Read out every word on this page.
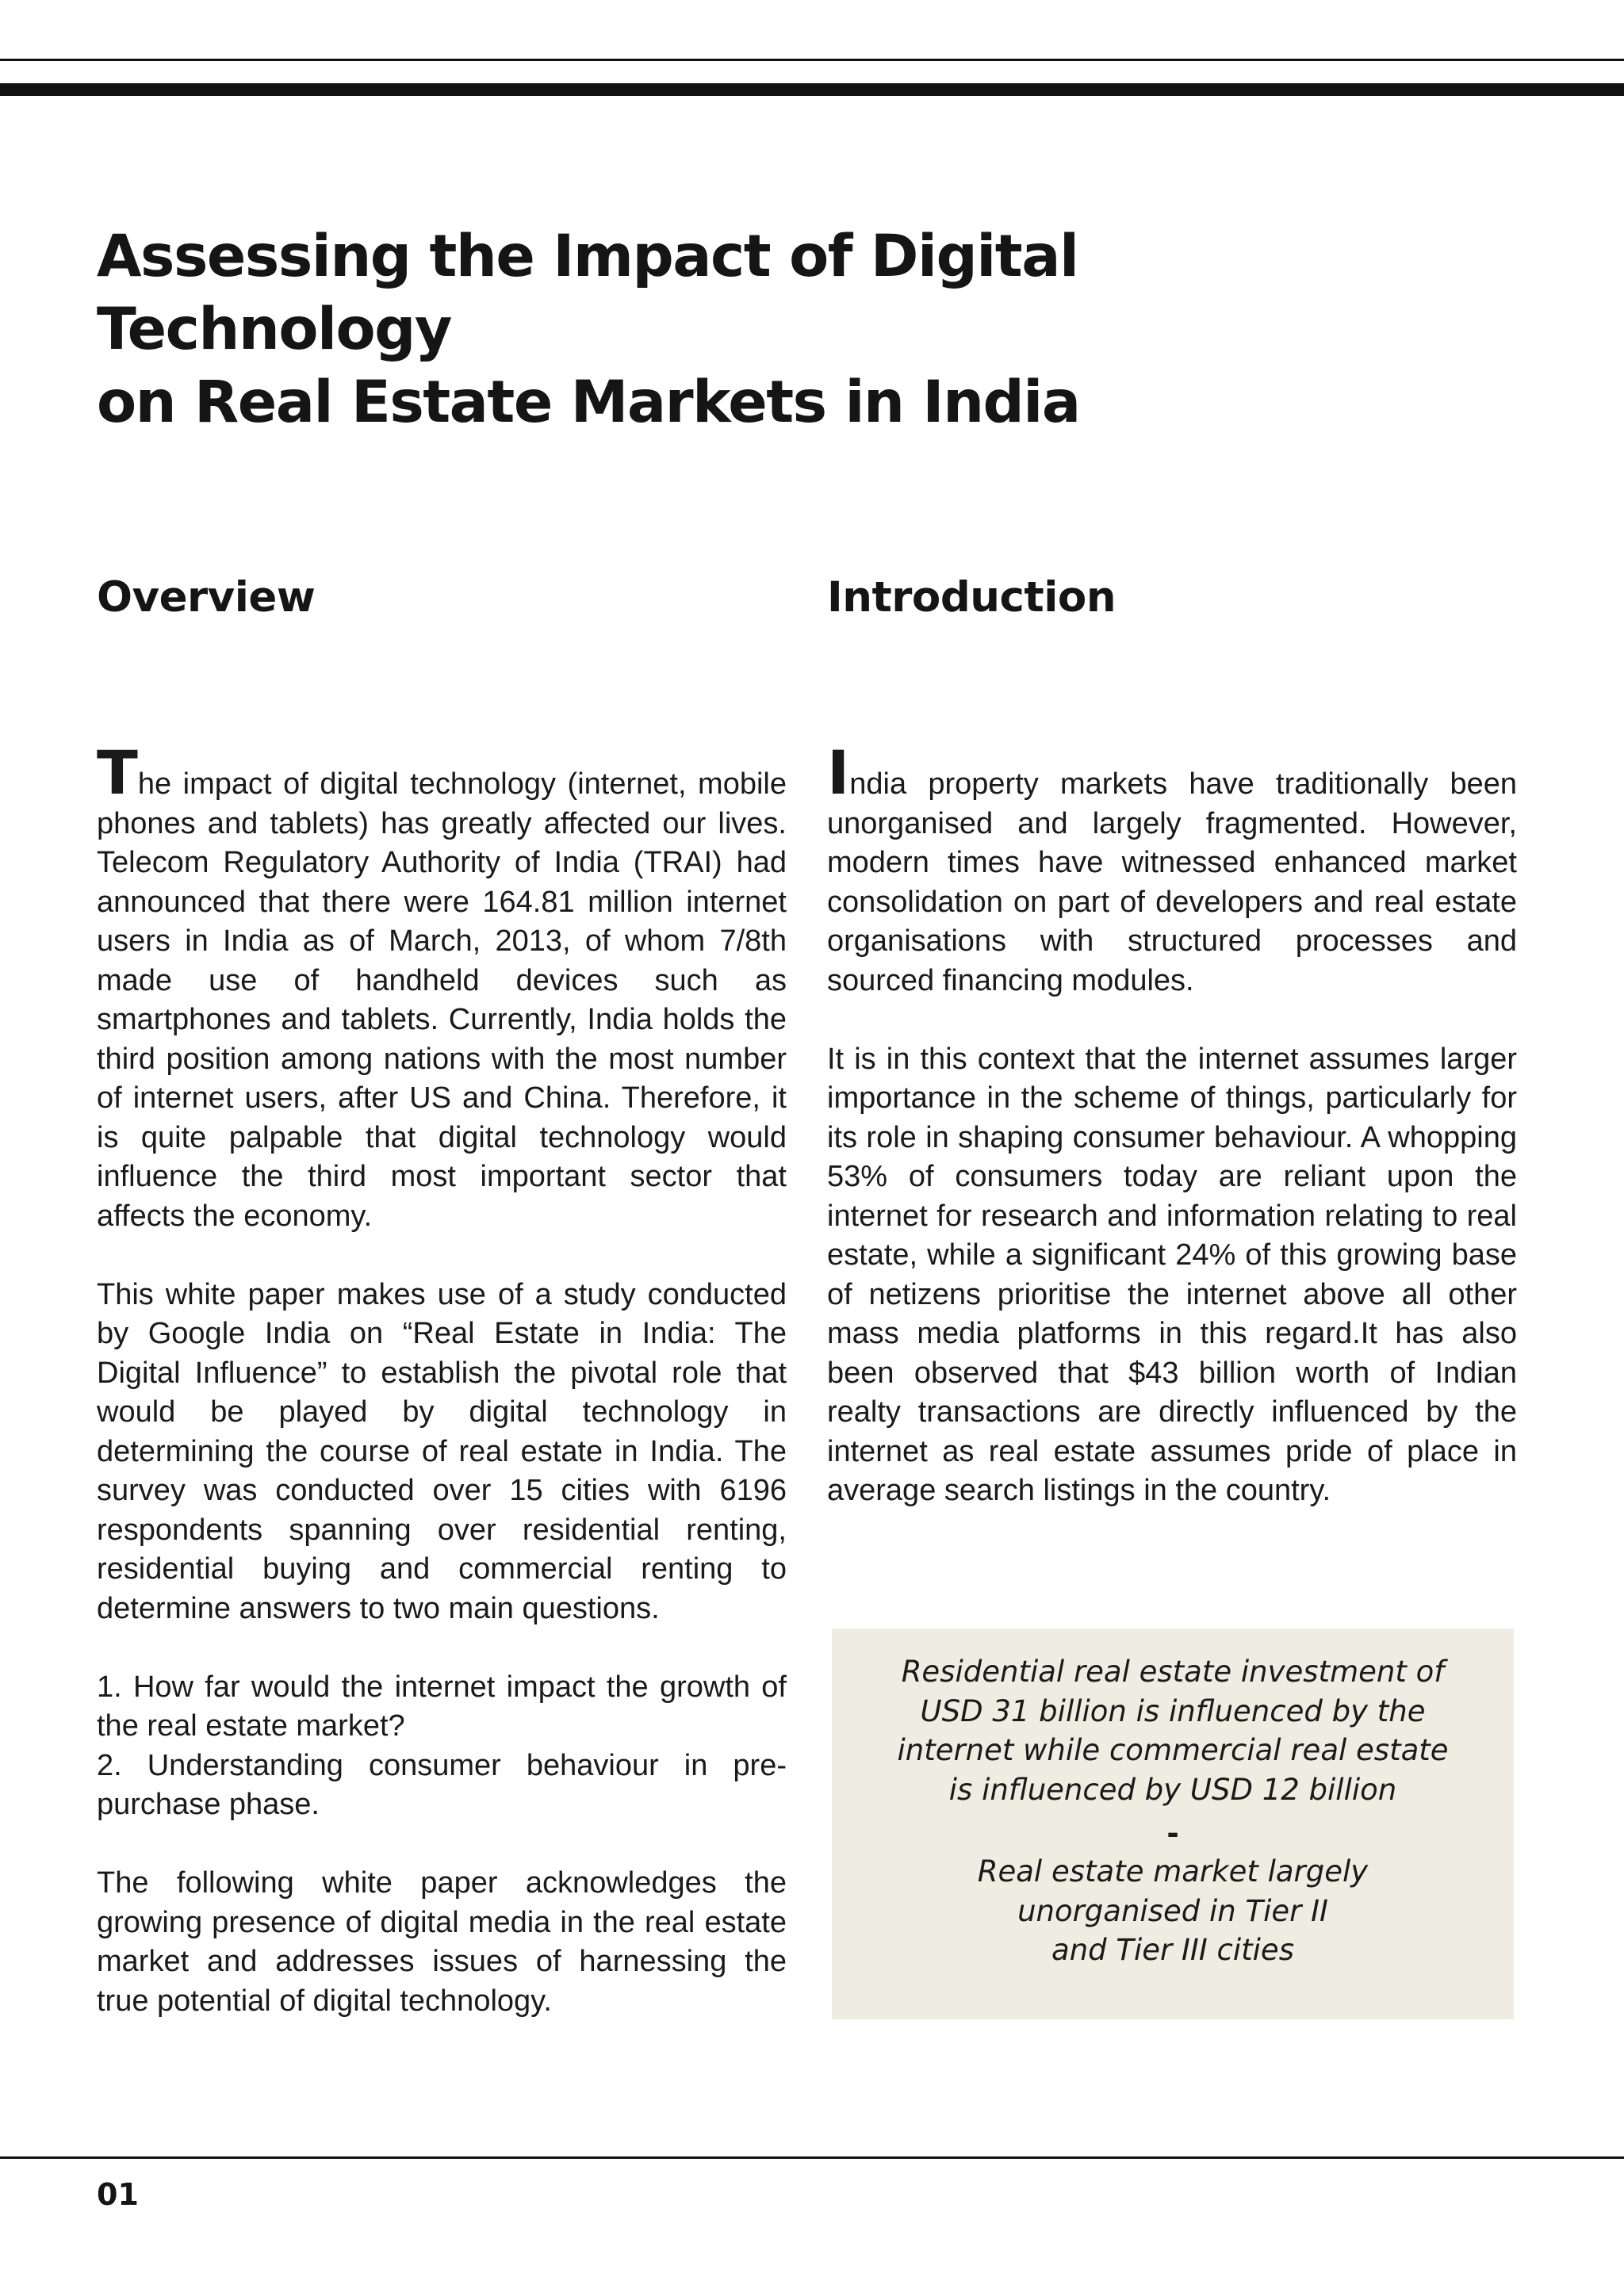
Assessing the Impact of Digital Technology
on Real Estate Markets in India
Overview	Introduction

The impact of digital technology (internet, mobile phones and tablets) has greatly affected our lives. Telecom Regulatory Authority of India (TRAI) had announced that there were 164.81 million internet users in India as of March, 2013, of whom 7/8th made use of handheld devices such as smartphones and tablets. Currently, India holds the third position among nations with the most number of internet users, after US and China. Therefore, it is quite palpable that digital technology would influence the third most important sector that affects the economy.

This white paper makes use of a study conducted by Google India on “Real Estate in India: The Digital Influence” to establish the pivotal role that would be played by digital technology in determining the course of real estate in India. The survey was conducted over 15 cities with 6196 respondents spanning over residential renting, residential buying and commercial renting to determine answers to two main questions.

1. How far would the internet impact the growth of the real estate market?
2. Understanding consumer behaviour in pre-purchase phase.

The following white paper acknowledges the growing presence of digital media in the real estate market and addresses issues of harnessing the true potential of digital technology.

India property markets have traditionally been unorganised and largely fragmented. However, modern times have witnessed enhanced market consolidation on part of developers and real estate organisations with structured processes and sourced financing modules.

It is in this context that the internet assumes larger importance in the scheme of things, particularly for its role in shaping consumer behaviour. A whopping 53% of consumers today are reliant upon the internet for research and information relating to real estate, while a significant 24% of this growing base of netizens prioritise the internet above all other mass media platforms in this regard.It has also been observed that $43 billion worth of Indian realty transactions are directly influenced by the internet as real estate assumes pride of place in average search listings in the country.

Residential real estate investment of
USD 31 billion is influenced by the
internet while commercial real estate
is influenced by USD 12 billion
-
Real estate market largely
unorganised in Tier II
and Tier III cities
01
